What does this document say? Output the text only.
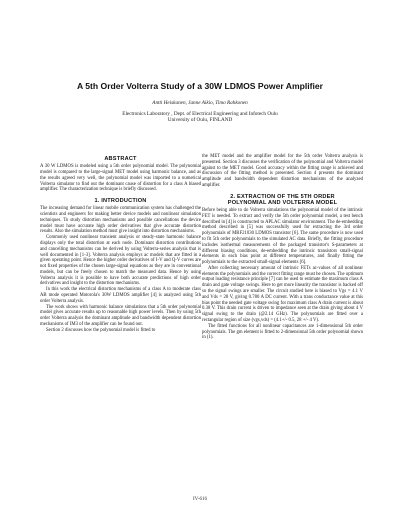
A 5th Order Volterra Study of a 30W LDMOS Power Amplifier
Antti Heiskanen, Janne Aikio, Timo Rahkonen
Electronics Laboratory , Dept. of Electrical Engineering and Infotech Oulu
University of Oulu, FINLAND
ABSTRACT

A 30 W LDMOS is modeled using a 5th order polynomial model. The polynomial model is compared to the large-signal MET model using harmonic balance, and as the results agreed very well, the polynomial model was imported to a numerical Volterra simulator to find out the dominant cause of distortion for a class A biased amplifier. The characterization technique is briefly discussed.

1. INTRODUCTION

The increasing demand for linear mobile communication system has challenged the scientists and engineers for making better device models and nonlinear simulation techniques. To study distortion mechanisms and possible cancellations the device model must have accurate high order derivatives that give accurate distortion results. Also the simulation method must give insight into distortion mechanisms.

Commonly used nonlinear transient analysis or steady-state harmonic balance displays only the total distortion at each node. Dominant distortion contributions and cancelling mechanisms can be derived by using Volterra-series analysis that is well documented in [1-3]. Volterra analysis employs ac models that are fitted in a given operating point. Hence the higher order derivatives of I-V and Q-V curves are not fixed properties of the chosen large-signal equations as they are in conventional models, but can be freely chosen to match the measured data. Hence by using Volterra analysis it is possible to have both accurate predictions of high order derivatives and insight to the distortion mechanisms.

In this work the electrical distortion mechanisms of a class A to moderate class AB mode operated Motorola's 30W LDMOS amplifier [4] is analyzed using 5th order Volterra analysis.

The work shows with harmonic balance simulations that a 5th order polynomial model gives accurate results up to reasonable high power levels. Then by using 5th order Volterra analysis the dominant amplitude and bandwidth dependent distortion mechanisms of IM3 of the amplifier can be found out.

Section 2 discusses how the polynomial model is fitted to

the MET model and the amplifier model for the 5th order Volterra analysis is presented. Section 3 discusses the verification of the polynomial and Volterra model against to the MET model. Good accuracy within the fitting range is achieved and discussion of the fitting method is presented. Section 4 presents the dominant amplitude and bandwidth dependent distortion mechanisms of the analyzed amplifier.

2. EXTRACTION OF THE 5TH ORDER
POLYNOMIAL AND VOLTERRA MODEL

Before being able to do Volterra simulations the polynomial model of the intrinsic FET is needed. To extract and verify the 5th order polynomial model, a test bench described in [4] is constructed to APLAC simulator environment. The de-embedding method described in [5] was successfully used for extracting the 3rd order polynomials of MRF21030 LDMOS transistor [6]. The same procedure is now used to fit 5th order polynomials to the simulated AC data. Briefly, the fitting procedure includes isothermal measurements of the packaged transistor's S-parameters at different biasing conditions, de-embedding the intrinsic transistors small-signal elements in each bias point at different temperatures, and finally fitting the polynomials to the extracted small-signal elements [6].

After collecting necessary amount of intrinsic FETs ac-values of all nonlinear elements the polynomials and the correct fitting range must be chosen. The optimum output loading resistance principle [7] can be used to estimate the maximum class A drain and gate voltage swings. Here to get more linearity the transistor is backed off so the signal swings are smaller. The circuit studied here is biased to Vgs = 4.1 V and Vds = 28 V, giving 0.780 A DC current. With a trans conductance value at this bias point the needed gate voltage swing for maximum class A drain current is about 0.38 V. This drain current is driven to impedance seen at the drain giving about 4 V signal swing to the drain (@2.14 GHz). The polynomials are fitted over a rectangular region of size (vgs,vds) = (4.1+/- 0.5, 28 +/- 4 V).

The fitted functions for all nonlinear capacitances are 1-dimensional 5th order polynomials. The gm element is fitted to 2-dimensional 5th order polynomial shown in (1).

IV-616
